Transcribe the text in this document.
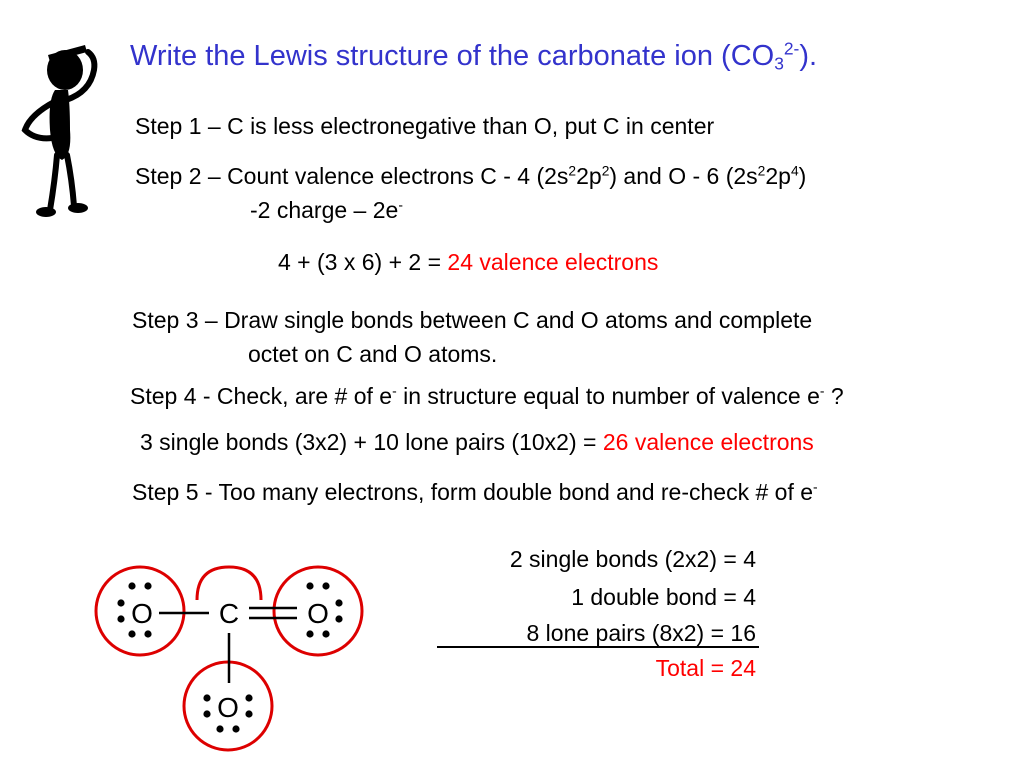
Write the Lewis structure of the carbonate ion $(CO_3^{2-})$.
Step 1 – C is less electronegative than O, put C in center
Step 2 – Count valence electrons C - 4 $(2s^22p^2)$ and O - 6 $(2s^22p^4)$
-2 charge – 2e-
4 + (3 x 6) + 2 = 24 valence electrons
Step 3 – Draw single bonds between C and O atoms and complete
octet on C and O atoms.
Step 4 - Check, are # of e- in structure equal to number of valence e- ?
3 single bonds (3x2) + 10 lone pairs (10x2) = 26 valence electrons
Step 5 - Too many electrons, form double bond and re-check # of e-
2 single bonds (2x2) = 4
1 double bond = 4
8 lone pairs (8x2) = 16
Total = 24
O C O
O
